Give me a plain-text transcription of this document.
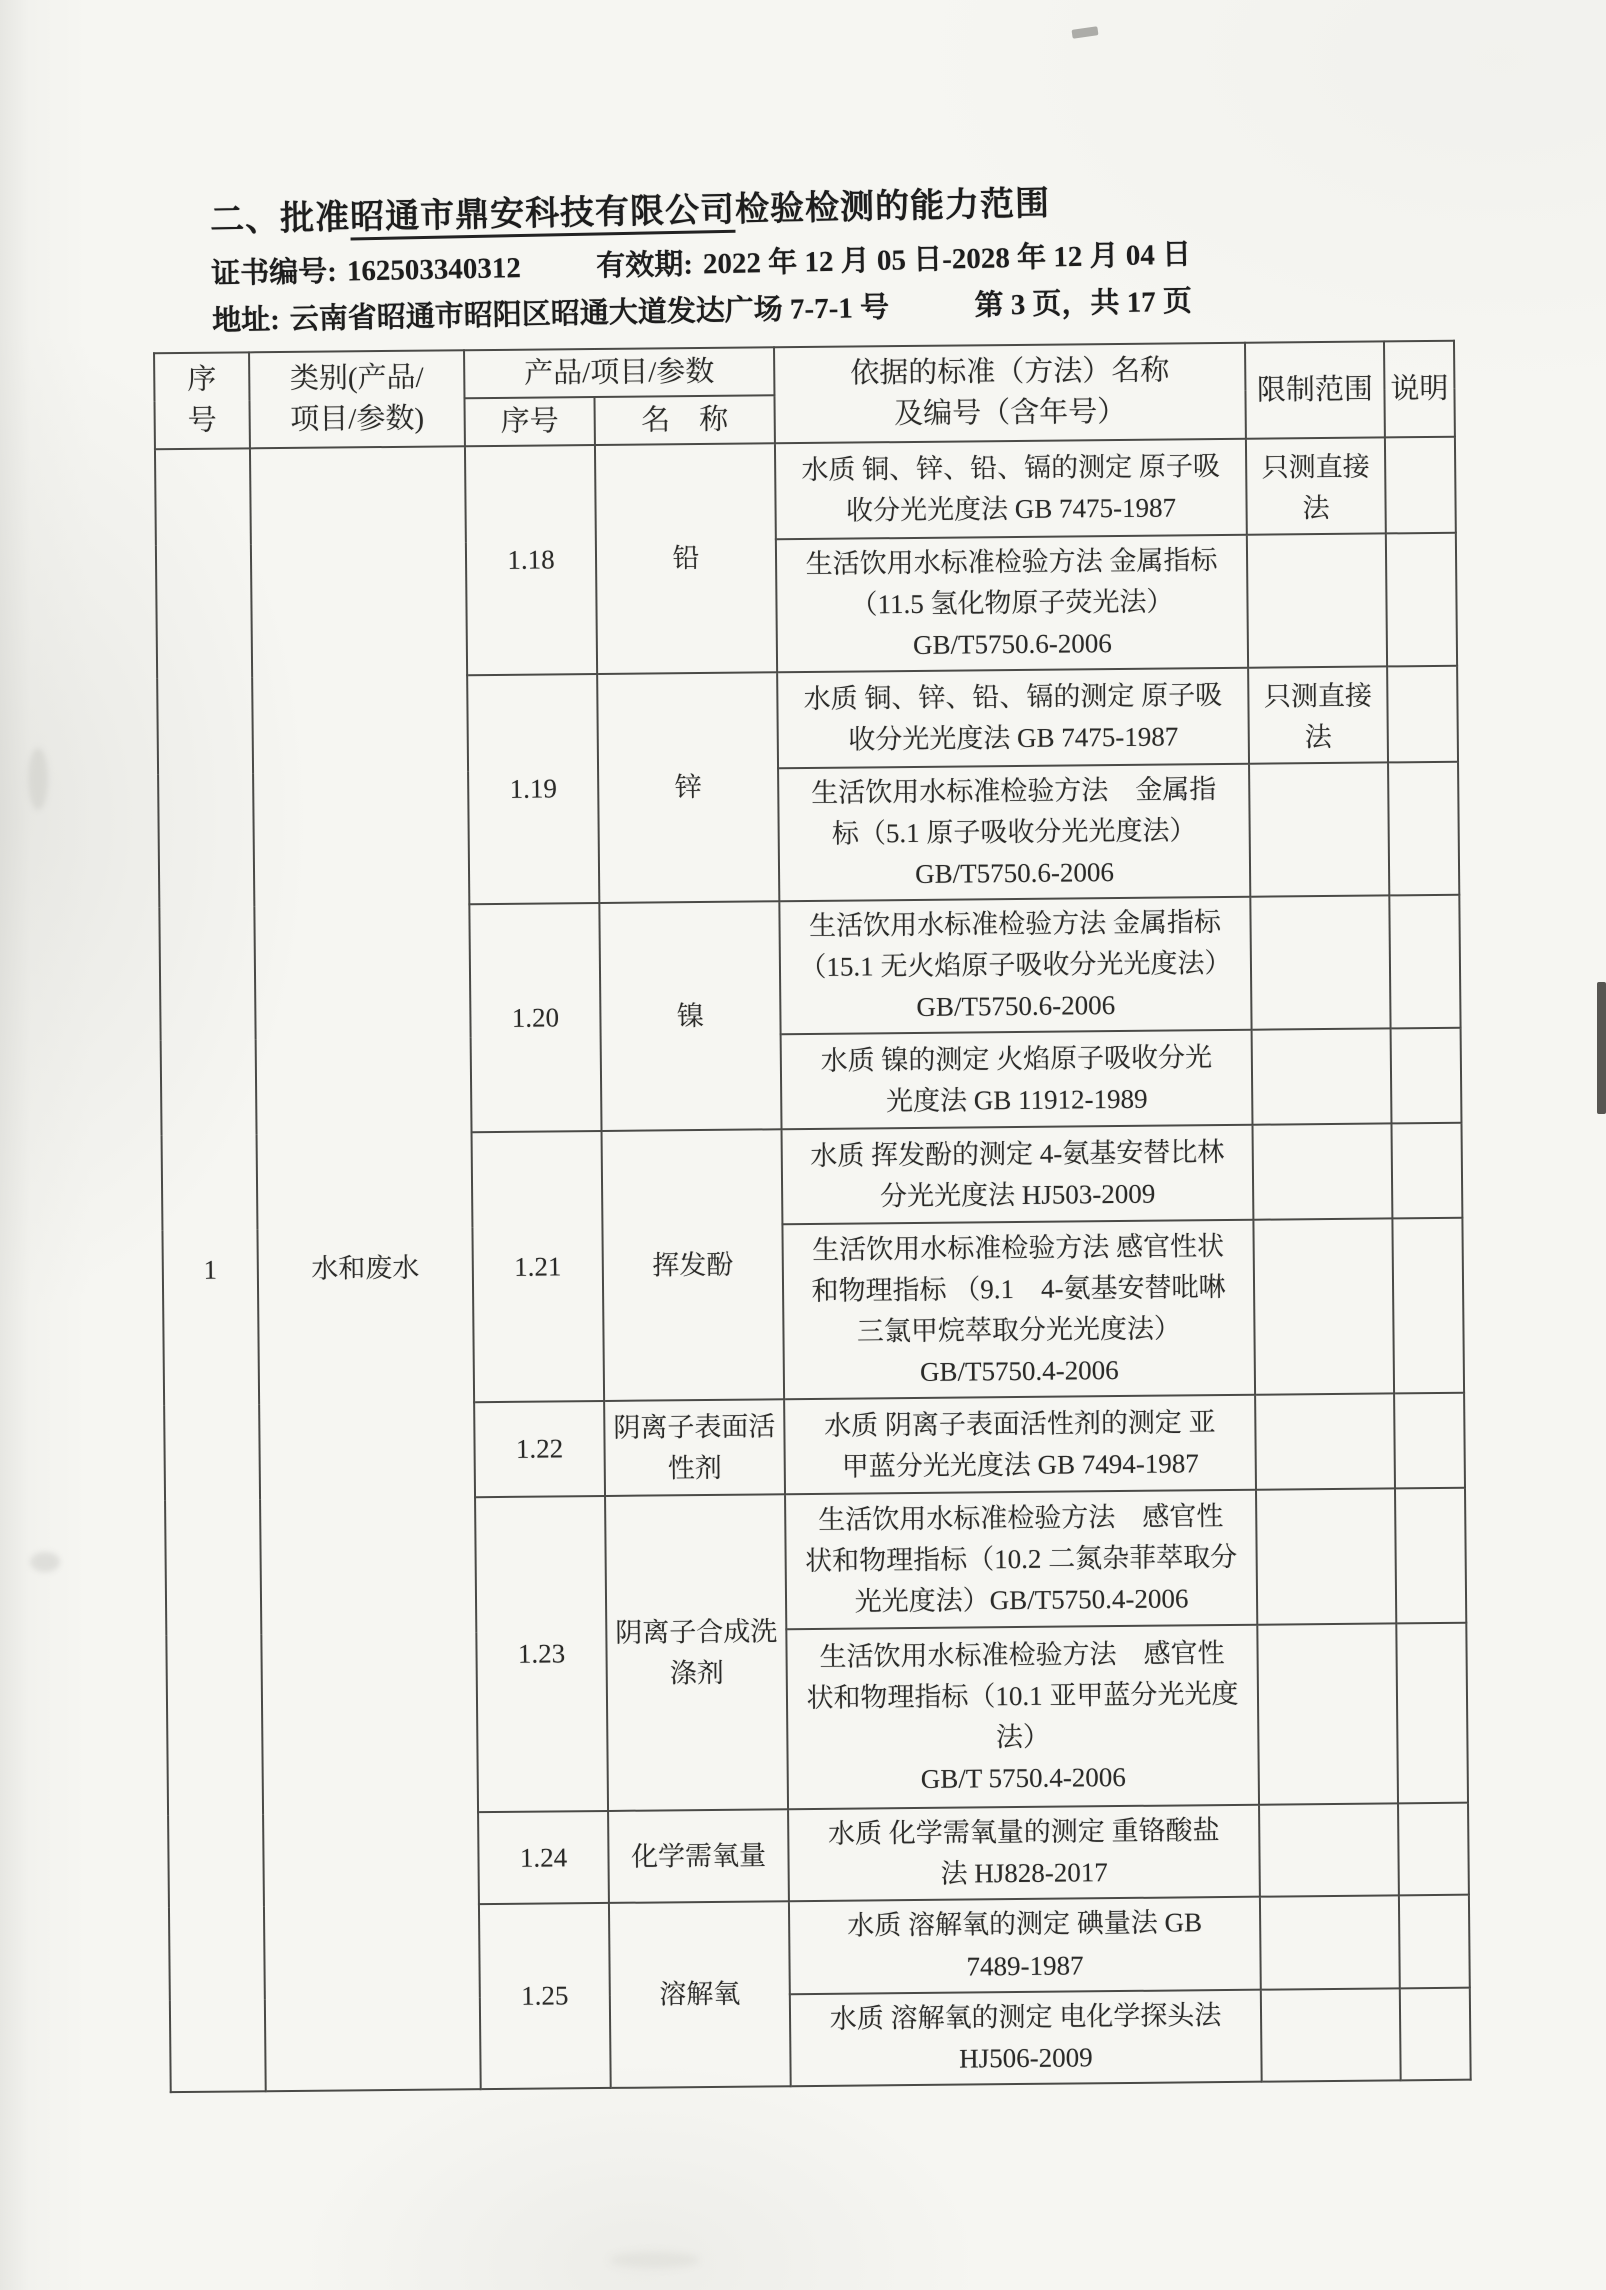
二、批准昭通市鼎安科技有限公司检验检测的能力范围
证书编号: 162503340312	有效期: 2022 年 12 月 05 日-2028 年 12 月 04 日
地址: 云南省昭通市昭阳区昭通大道发达广场 7-7-1 号	第 3 页，共 17 页
序
号	类别(产品/
项目/参数)	产品/项目/参数		依据的标准（方法）名称
及编号（含年号）	限制范围	说明
		序号	名　称			
1	水和废水	1.18	铅	水质 铜、锌、铅、镉的测定 原子吸
收分光光度法 GB 7475-1987	只测直接
法	
				生活饮用水标准检验方法 金属指标
（11.5 氢化物原子荧光法）
GB/T5750.6-2006		
		1.19	锌	水质 铜、锌、铅、镉的测定 原子吸
收分光光度法 GB 7475-1987	只测直接
法	
				生活饮用水标准检验方法　金属指
标（5.1 原子吸收分光光度法）
GB/T5750.6-2006		
		1.20	镍	生活饮用水标准检验方法 金属指标
（15.1 无火焰原子吸收分光光度法）
GB/T5750.6-2006		
				水质 镍的测定 火焰原子吸收分光
光度法 GB 11912-1989		
		1.21	挥发酚	水质 挥发酚的测定 4-氨基安替比林
分光光度法 HJ503-2009		
				生活饮用水标准检验方法 感官性状
和物理指标 （9.1　4-氨基安替吡啉
三氯甲烷萃取分光光度法）
GB/T5750.4-2006		
		1.22	阴离子表面活
性剂	水质 阴离子表面活性剂的测定 亚
甲蓝分光光度法 GB 7494-1987		
		1.23	阴离子合成洗
涤剂	生活饮用水标准检验方法　感官性
状和物理指标（10.2 二氮杂菲萃取分
光光度法）GB/T5750.4-2006		
				生活饮用水标准检验方法　感官性
状和物理指标（10.1 亚甲蓝分光光度
法）
GB/T 5750.4-2006		
		1.24	化学需氧量	水质 化学需氧量的测定 重铬酸盐
法 HJ828-2017		
		1.25	溶解氧	水质 溶解氧的测定 碘量法 GB
7489-1987		
				水质 溶解氧的测定 电化学探头法
HJ506-2009		
